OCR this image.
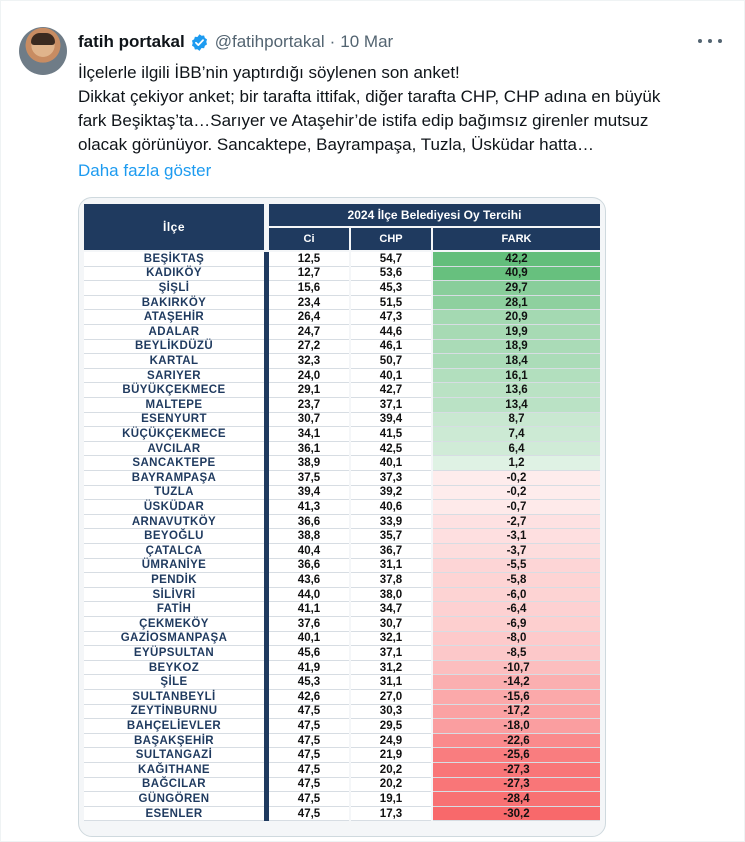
fatih portakal @fatihportakal · 10 Mar
İlçelerle ilgili İBB’nin yaptırdığı söylenen son anket!
Dikkat çekiyor anket; bir tarafta ittifak, diğer tarafta CHP, CHP adına en büyük
fark Beşiktaş’ta…Sarıyer ve Ataşehir’de istifa edip bağımsız girenler mutsuz
olacak görünüyor. Sancaktepe, Bayrampaşa, Tuzla, Üsküdar hatta…
Daha fazla göster
İlçe
2024 İlçe Belediyesi Oy Tercihi
Ci	CHP	FARK
BEŞİKTAŞ	12,5	54,7	42,2
KADIKÖY	12,7	53,6	40,9
ŞİŞLİ	15,6	45,3	29,7
BAKIRKÖY	23,4	51,5	28,1
ATAŞEHİR	26,4	47,3	20,9
ADALAR	24,7	44,6	19,9
BEYLİKDÜZÜ	27,2	46,1	18,9
KARTAL	32,3	50,7	18,4
SARIYER	24,0	40,1	16,1
BÜYÜKÇEKMECE	29,1	42,7	13,6
MALTEPE	23,7	37,1	13,4
ESENYURT	30,7	39,4	8,7
KÜÇÜKÇEKMECE	34,1	41,5	7,4
AVCILAR	36,1	42,5	6,4
SANCAKTEPE	38,9	40,1	1,2
BAYRAMPAŞA	37,5	37,3	-0,2
TUZLA	39,4	39,2	-0,2
ÜSKÜDAR	41,3	40,6	-0,7
ARNAVUTKÖY	36,6	33,9	-2,7
BEYOĞLU	38,8	35,7	-3,1
ÇATALCA	40,4	36,7	-3,7
ÜMRANİYE	36,6	31,1	-5,5
PENDİK	43,6	37,8	-5,8
SİLİVRİ	44,0	38,0	-6,0
FATİH	41,1	34,7	-6,4
ÇEKMEKÖY	37,6	30,7	-6,9
GAZİOSMANPAŞA	40,1	32,1	-8,0
EYÜPSULTAN	45,6	37,1	-8,5
BEYKOZ	41,9	31,2	-10,7
ŞİLE	45,3	31,1	-14,2
SULTANBEYLİ	42,6	27,0	-15,6
ZEYTİNBURNU	47,5	30,3	-17,2
BAHÇELİEVLER	47,5	29,5	-18,0
BAŞAKŞEHİR	47,5	24,9	-22,6
SULTANGAZİ	47,5	21,9	-25,6
KAĞITHANE	47,5	20,2	-27,3
BAĞCILAR	47,5	20,2	-27,3
GÜNGÖREN	47,5	19,1	-28,4
ESENLER	47,5	17,3	-30,2
